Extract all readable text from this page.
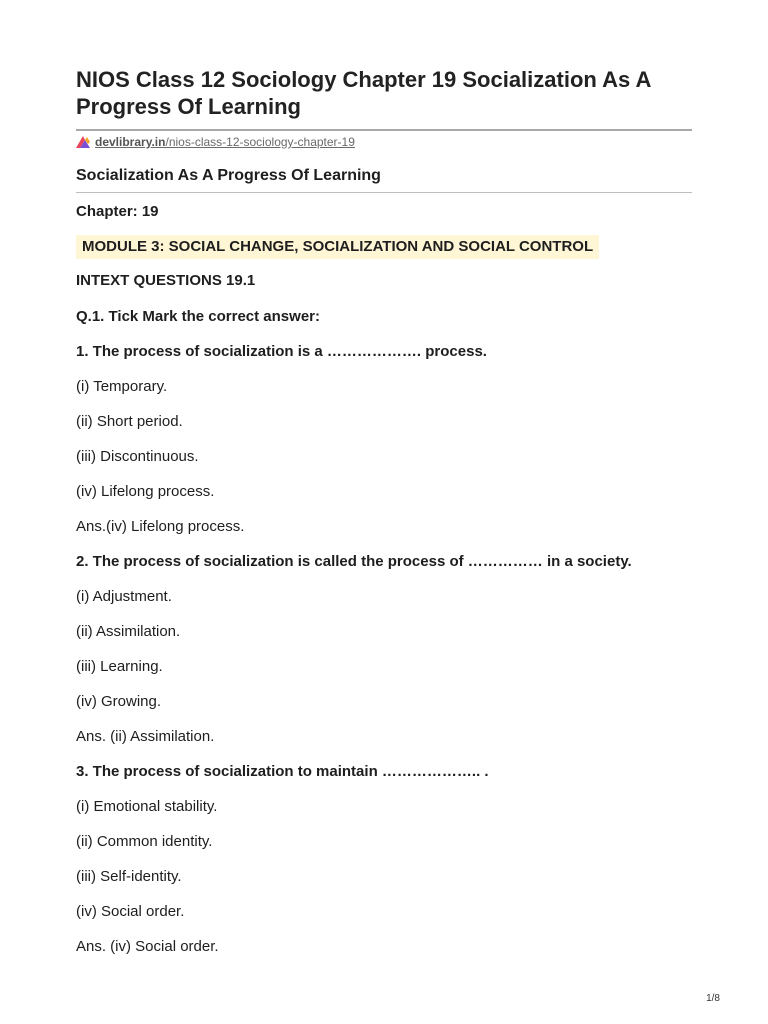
NIOS Class 12 Sociology Chapter 19 Socialization As A Progress Of Learning
devlibrary.in/nios-class-12-sociology-chapter-19
Socialization As A Progress Of Learning
Chapter: 19
MODULE 3: SOCIAL CHANGE, SOCIALIZATION AND SOCIAL CONTROL
INTEXT QUESTIONS 19.1
Q.1. Tick Mark the correct answer:
1. The process of socialization is a ………………. process.
(i) Temporary.
(ii) Short period.
(iii) Discontinuous.
(iv) Lifelong process.
Ans.(iv) Lifelong process.
2. The process of socialization is called the process of …………… in a society.
(i) Adjustment.
(ii) Assimilation.
(iii) Learning.
(iv) Growing.
Ans. (ii) Assimilation.
3. The process of socialization to maintain ……………….. .
(i) Emotional stability.
(ii) Common identity.
(iii) Self-identity.
(iv) Social order.
Ans. (iv) Social order.
1/8
